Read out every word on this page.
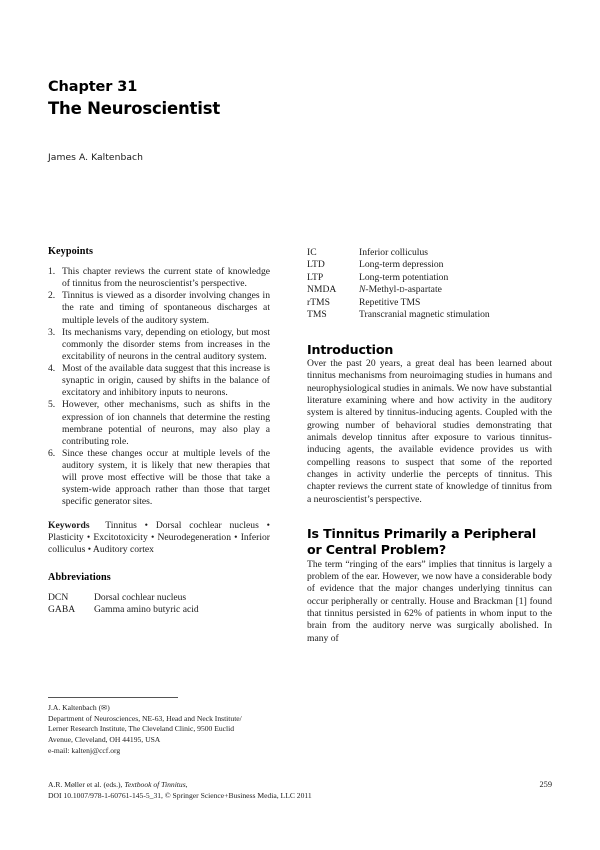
Chapter 31
The Neuroscientist
James A. Kaltenbach
Keypoints
1. This chapter reviews the current state of knowledge of tinnitus from the neuroscientist’s perspective.
2. Tinnitus is viewed as a disorder involving changes in the rate and timing of spontaneous discharges at multiple levels of the auditory system.
3. Its mechanisms vary, depending on etiology, but most commonly the disorder stems from increases in the excitability of neurons in the central auditory system.
4. Most of the available data suggest that this increase is synaptic in origin, caused by shifts in the balance of excitatory and inhibitory inputs to neurons.
5. However, other mechanisms, such as shifts in the expression of ion channels that determine the resting membrane potential of neurons, may also play a contributing role.
6. Since these changes occur at multiple levels of the auditory system, it is likely that new therapies that will prove most effective will be those that take a system-wide approach rather than those that target specific generator sites.
Keywords Tinnitus • Dorsal cochlear nucleus • Plasticity • Excitotoxicity • Neurodegeneration • Inferior colliculus • Auditory cortex
Abbreviations
DCN	Dorsal cochlear nucleus
GABA	Gamma amino butyric acid
IC	Inferior colliculus
LTD	Long-term depression
LTP	Long-term potentiation
NMDA	N-Methyl-d-aspartate
rTMS	Repetitive TMS
TMS	Transcranial magnetic stimulation
Introduction

Over the past 20 years, a great deal has been learned about tinnitus mechanisms from neuroimaging studies in humans and neurophysiological studies in animals. We now have substantial literature examining where and how activity in the auditory system is altered by tinnitus-inducing agents. Coupled with the growing number of behavioral studies demonstrating that animals develop tinnitus after exposure to various tinnitus-inducing agents, the available evidence provides us with compelling reasons to suspect that some of the reported changes in activity underlie the percepts of tinnitus. This chapter reviews the current state of knowledge of tinnitus from a neuroscientist’s perspective.

Is Tinnitus Primarily a Peripheral
or Central Problem?

The term “ringing of the ears” implies that tinnitus is largely a problem of the ear. However, we now have a considerable body of evidence that the major changes underlying tinnitus can occur peripherally or centrally. House and Brackman [1] found that tinnitus persisted in 62% of patients in whom input to the brain from the auditory nerve was surgically abolished. In many of

J.A. Kaltenbach (✉)
Department of Neurosciences, NE-63, Head and Neck Institute/
Lerner Research Institute, The Cleveland Clinic, 9500 Euclid
Avenue, Cleveland, OH 44195, USA
e-mail: kaltenj@ccf.org
A.R. Møller et al. (eds.), Textbook of Tinnitus,
DOI 10.1007/978-1-60761-145-5_31, © Springer Science+Business Media, LLC 2011
259
